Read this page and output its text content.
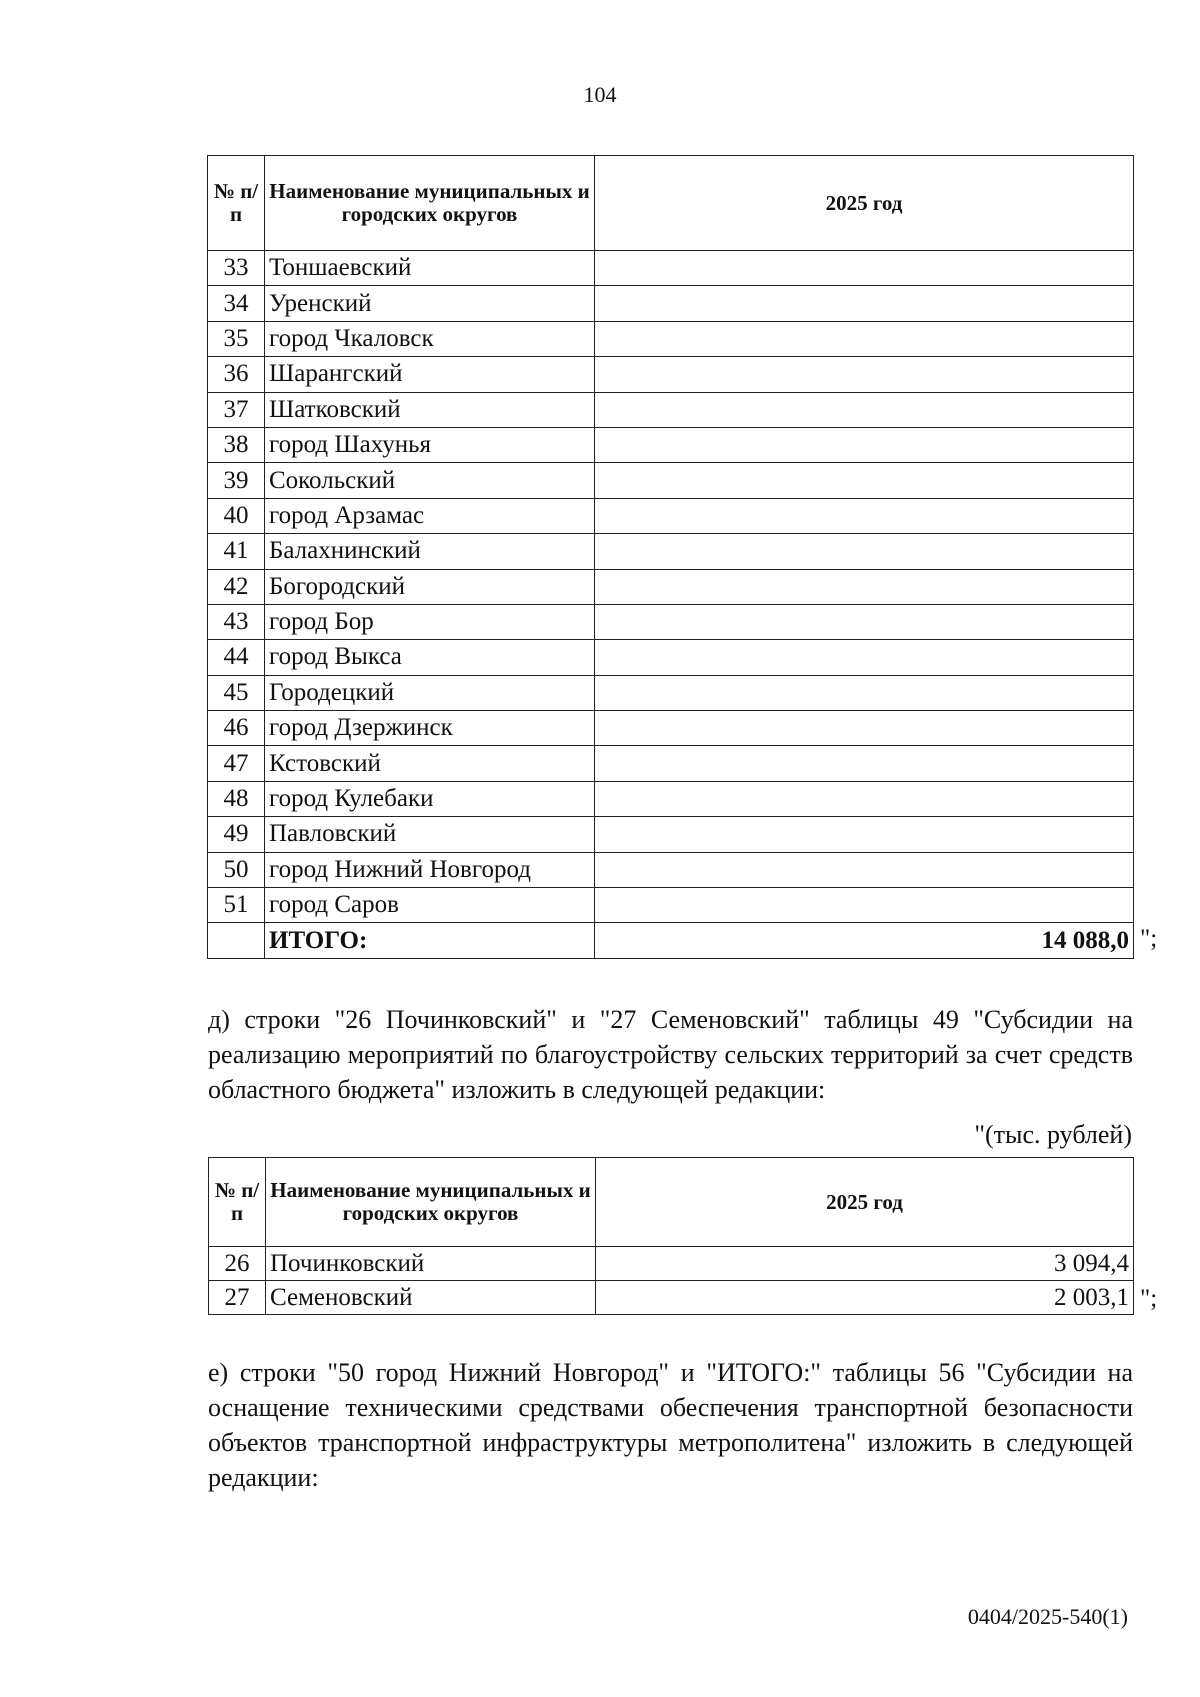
104
№ п/п	Наименование муниципальных и городских округов	2025 год
33	Тоншаевский	
34	Уренский	
35	город Чкаловск	
36	Шарангский	
37	Шатковский	
38	город Шахунья	
39	Сокольский	
40	город Арзамас	
41	Балахнинский	
42	Богородский	
43	город Бор	
44	город Выкса	
45	Городецкий	
46	город Дзержинск	
47	Кстовский	
48	город Кулебаки	
49	Павловский	
50	город Нижний Новгород	
51	город Саров	
	ИТОГО:	14 088,0 ";
д) строки "26 Починковский" и "27 Семеновский" таблицы 49 "Субсидии на реализацию мероприятий по благоустройству сельских территорий за счет средств областного бюджета" изложить в следующей редакции:
"(тыс. рублей)
№ п/п	Наименование муниципальных и городских округов	2025 год
26	Починковский	3 094,4
27	Семеновский	2 003,1 ";
е) строки "50 город Нижний Новгород" и "ИТОГО:" таблицы 56 "Субсидии на оснащение техническими средствами обеспечения транспортной безопасности объектов транспортной инфраструктуры метрополитена" изложить в следующей редакции:
0404/2025-540(1)
